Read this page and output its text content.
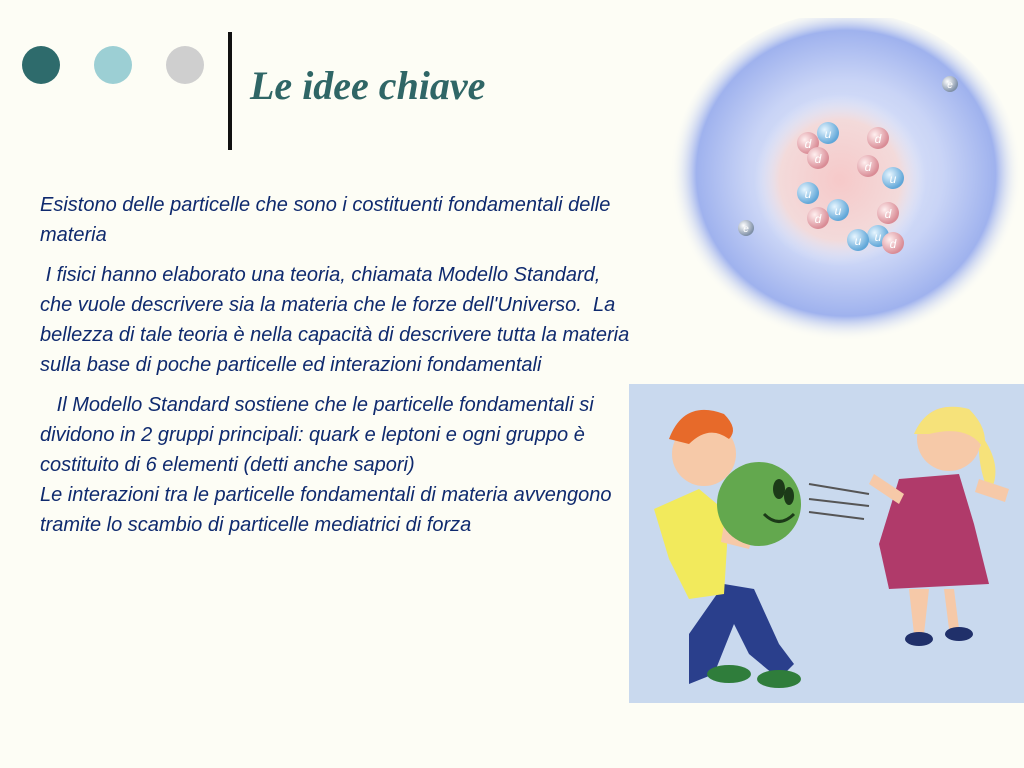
Le idee chiave

Esistono delle particelle che sono i costituenti fondamentali delle materia

I fisici hanno elaborato una teoria, chiamata Modello Standard, che vuole descrivere sia la materia che le forze dell'Universo.  La bellezza di tale teoria è nella capacità di descrivere tutta la materia sulla base di poche particelle ed interazioni fondamentali

Il Modello Standard sostiene che le particelle fondamentali si dividono in 2 gruppi principali: quark e leptoni e ogni gruppo è costituito di 6 elementi (detti anche sapori)
Le interazioni tra le particelle fondamentali di materia avvengono tramite lo scambio di particelle mediatrici di forza
d
u
d
d
u
d
u
u
d	d
u
u d
e
e
